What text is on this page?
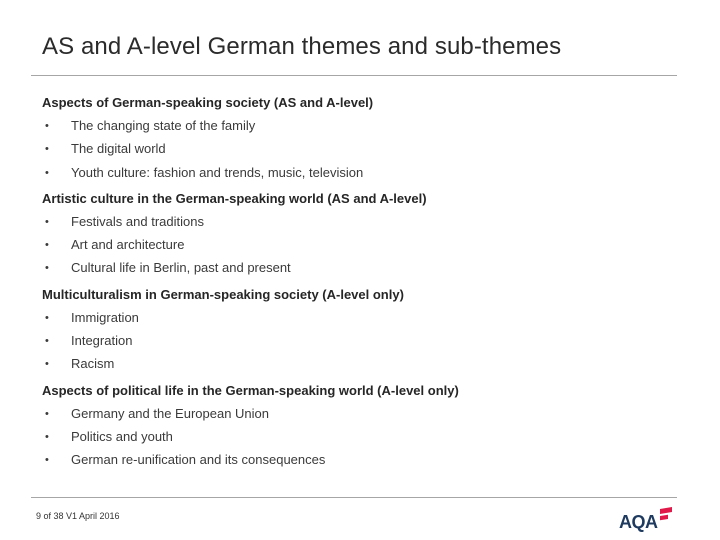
AS and A-level German themes and sub-themes
Aspects of German-speaking society (AS and A-level)
• The changing state of the family
• The digital world
• Youth culture: fashion and trends, music, television
Artistic culture in the German-speaking world (AS and A-level)
• Festivals and traditions
• Art and architecture
• Cultural life in Berlin, past and present
Multiculturalism in German-speaking society (A-level only)
• Immigration
• Integration
• Racism
Aspects of political life in the German-speaking world (A-level only)
• Germany and the European Union
• Politics and youth
• German re-unification and its consequences
9 of 38 V1 April 2016	AQA
